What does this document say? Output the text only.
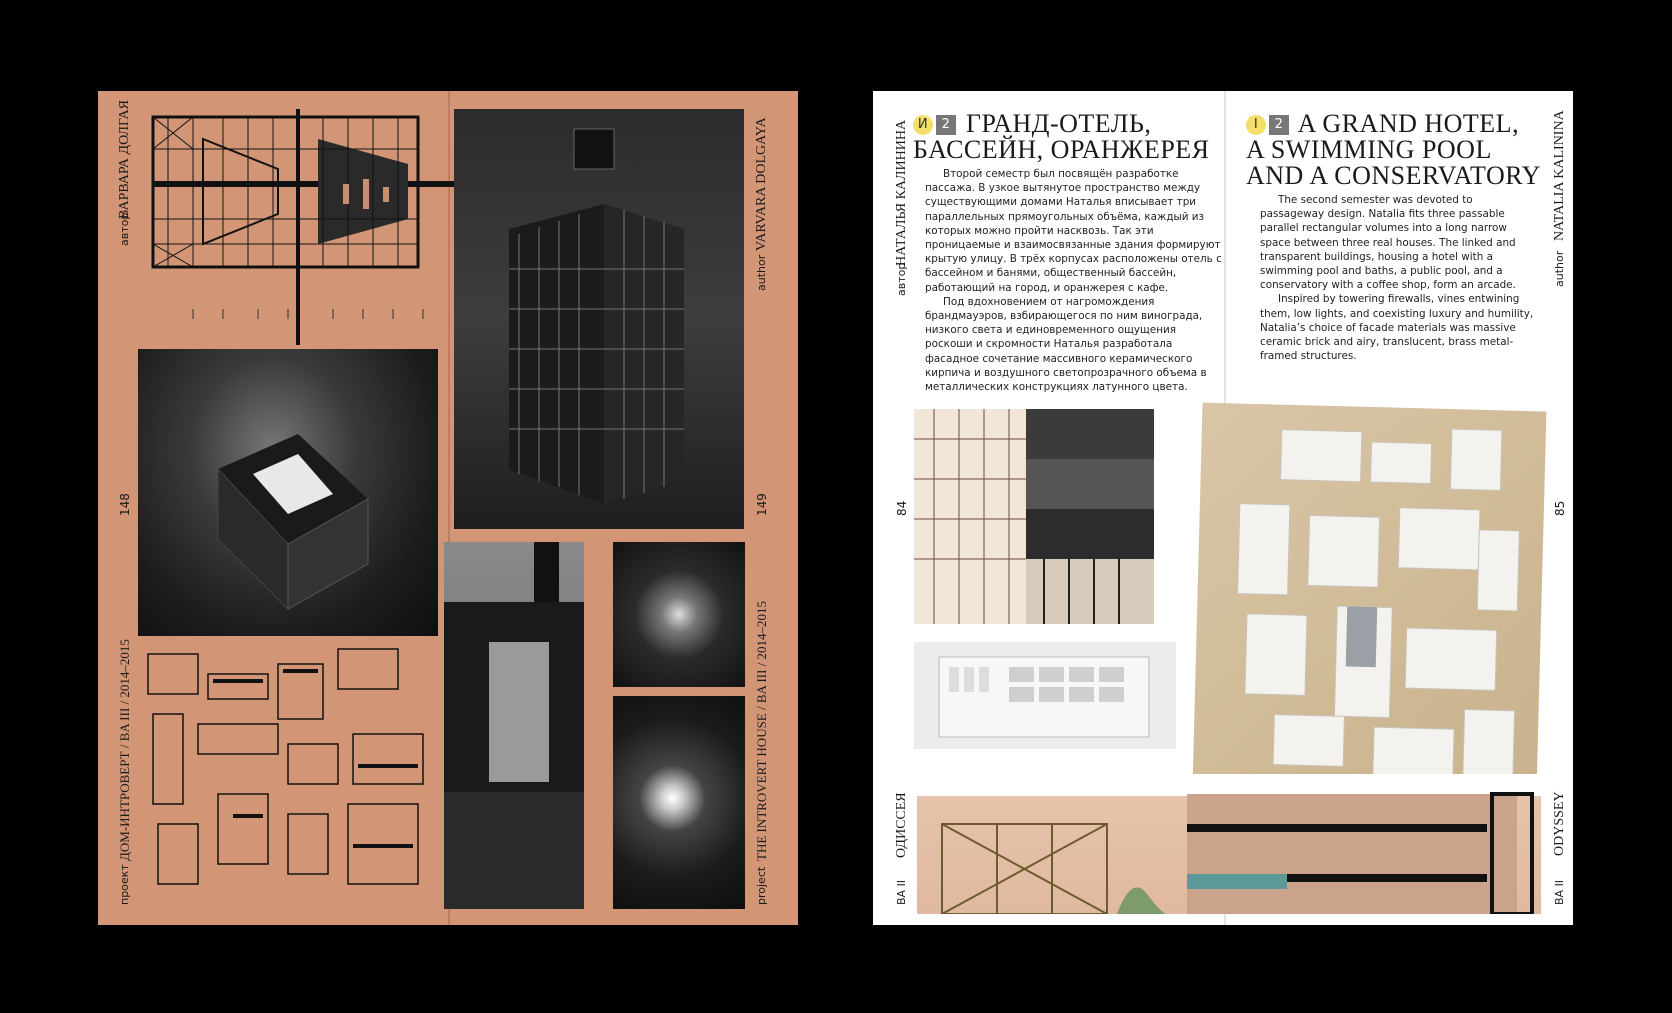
автор
ВАРВАРА ДОЛГАЯ
148
проект
ДОМ-ИНТРОВЕРТ / BA III / 2014–2015
author
VARVARA DOLGAYA
149
project
THE INTROVERT HOUSE / BA III / 2014–2015
И 2 ГРАНД-ОТЕЛЬ,
БАССЕЙН, ОРАНЖЕРЕЯ

Второй семестр был посвящён разработке пассажа. В узкое вытянутое пространство между существующими домами Наталья вписывает три параллельных прямоугольных объёма, каждый из которых можно пройти насквозь. Так эти проницаемые и взаимосвязанные здания формируют крытую улицу. В трёх корпусах расположены отель с бассейном и банями, общественный бассейн, работающий на город, и оранжерея с кафе.

Под вдохновением от нагромождения брандмауэров, взбирающегося по ним винограда, низкого света и единовременного ощущения роскоши и скромности Наталья разработала фасадное сочетание массивного керамического кирпича и воздушного светопрозрачного объема в металлических конструкциях латунного цвета.

I 2 A GRAND HOTEL,
A SWIMMING POOL
AND A CONSERVATORY

The second semester was devoted to passageway design. Natalia fits three passable parallel rectangular volumes into a long narrow space between three real houses. The linked and transparent buildings, housing a hotel with a swimming pool and baths, a public pool, and a conservatory with a coffee shop, form an arcade.

Inspired by towering firewalls, vines entwining them, low lights, and coexisting luxury and humility, Natalia’s choice of facade materials was massive ceramic brick and airy, translucent, brass metal-framed structures.

автор
НАТАЛЬЯ КАЛИНИНА
84
BA II
ОДИССЕЯ
author
NATALIA KALININA
85
BA II
ODYSSEY
